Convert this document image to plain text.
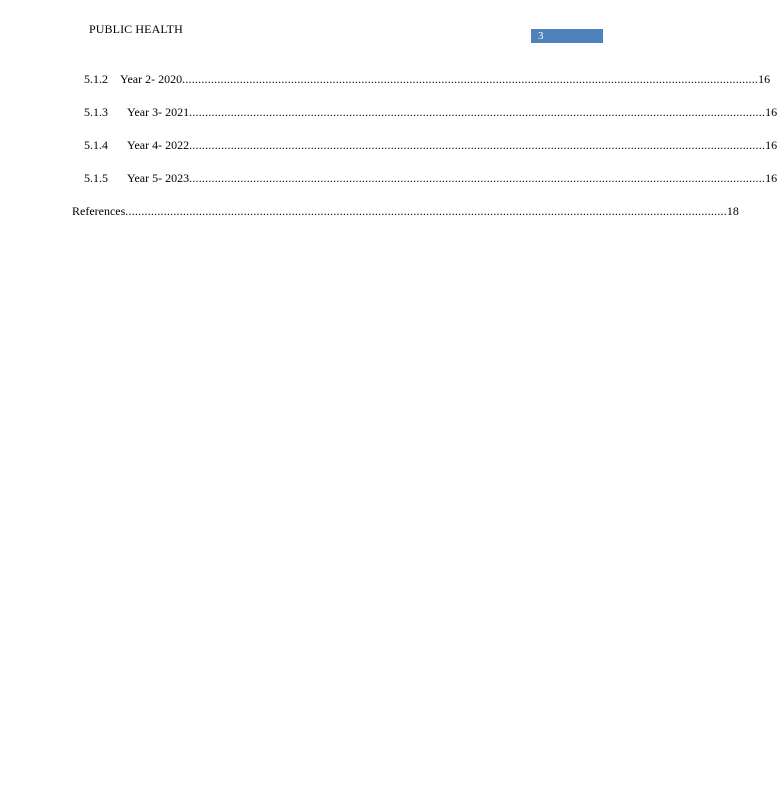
PUBLIC HEALTH	3
5.1.2	Year 2- 2020 .................................................................................................................................................................................... 16
5.1.3	Year 3- 2021 .................................................................................................................................................................................... 16
5.1.4	Year 4- 2022 .................................................................................................................................................................................... 16
5.1.5	Year 5- 2023 .................................................................................................................................................................................... 16
References ............................................................................................................................................................................................ 18
